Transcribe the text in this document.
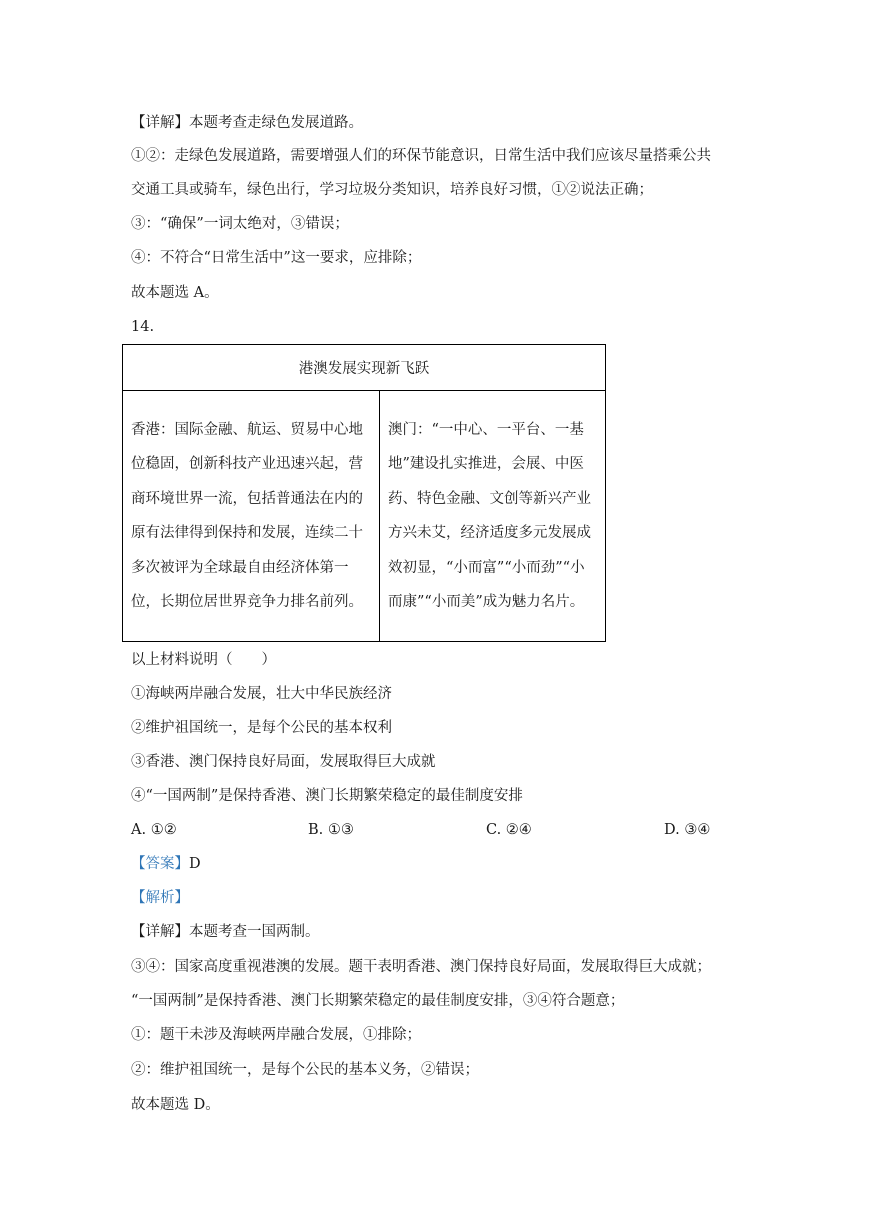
【详解】本题考查走绿色发展道路。
①②：走绿色发展道路，需要增强人们的环保节能意识，日常生活中我们应该尽量搭乘公共
交通工具或骑车，绿色出行，学习垃圾分类知识，培养良好习惯，①②说法正确；
③：“确保”一词太绝对，③错误；
④：不符合“日常生活中”这一要求，应排除；
故本题选 A。
14.
港澳发展实现新飞跃
香港：国际金融、航运、贸易中心地位稳固，创新科技产业迅速兴起，营商环境世界一流，包括普通法在内的原有法律得到保持和发展，连续二十多次被评为全球最自由经济体第一位，长期位居世界竞争力排名前列。	澳门：“一中心、一平台、一基地”建设扎实推进，会展、中医药、特色金融、文创等新兴产业方兴未艾，经济适度多元发展成效初显，“小而富”“小而劲”“小而康”“小而美”成为魅力名片。
以上材料说明（　　）
①海峡两岸融合发展，壮大中华民族经济
②维护祖国统一，是每个公民的基本权利
③香港、澳门保持良好局面，发展取得巨大成就
④“一国两制”是保持香港、澳门长期繁荣稳定的最佳制度安排
A. ①②	B. ①③	C. ②④	D. ③④
【答案】D
【解析】
【详解】本题考查一国两制。
③④：国家高度重视港澳的发展。题干表明香港、澳门保持良好局面，发展取得巨大成就；
“一国两制”是保持香港、澳门长期繁荣稳定的最佳制度安排，③④符合题意；
①：题干未涉及海峡两岸融合发展，①排除；
②：维护祖国统一，是每个公民的基本义务，②错误；
故本题选 D。
